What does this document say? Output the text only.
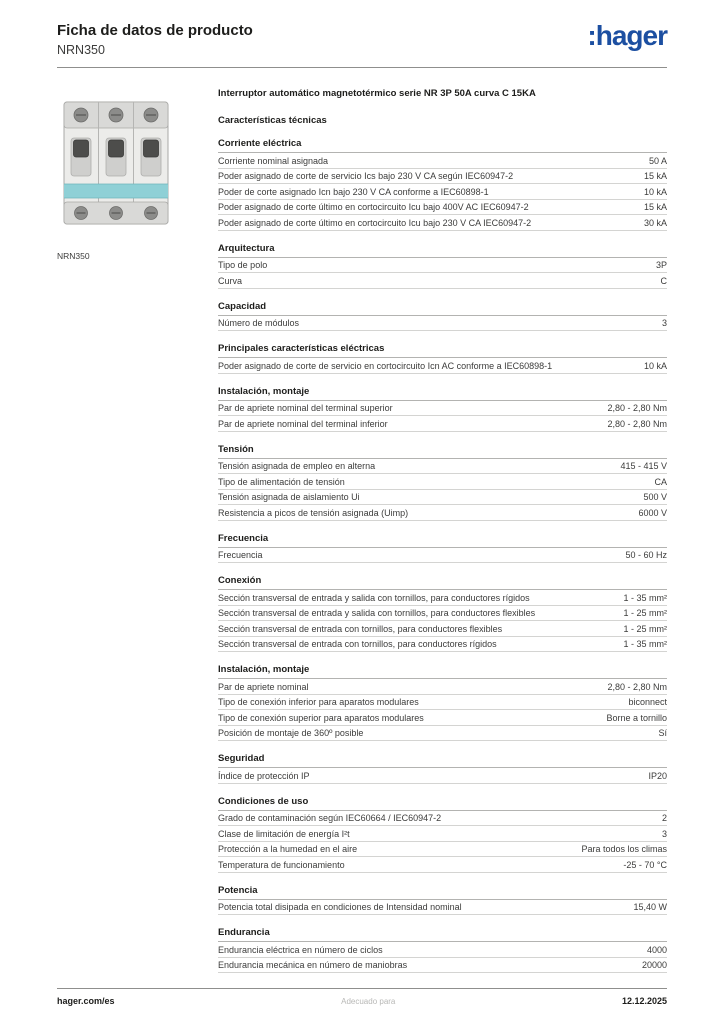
Ficha de datos de producto
NRN350	:hager
NRN350
Interruptor automático magnetotérmico serie NR 3P 50A curva C 15KA
Características técnicas
Corriente eléctrica
Corriente nominal asignada	50 A
Poder asignado de corte de servicio Ics bajo 230 V CA según IEC60947-2	15 kA
Poder de corte asignado Icn bajo 230 V CA conforme a IEC60898-1	10 kA
Poder asignado de corte último en cortocircuito Icu bajo 400V AC IEC60947-2	15 kA
Poder asignado de corte último en cortocircuito Icu bajo 230 V CA IEC60947-2	30 kA
Arquitectura
Tipo de polo	3P
Curva	C
Capacidad
Número de módulos	3
Principales características eléctricas
Poder asignado de corte de servicio en cortocircuito Icn AC conforme a IEC60898-1	10 kA
Instalación, montaje
Par de apriete nominal del terminal superior	2,80 - 2,80 Nm
Par de apriete nominal del terminal inferior	2,80 - 2,80 Nm
Tensión
Tensión asignada de empleo en alterna	415 - 415 V
Tipo de alimentación de tensión	CA
Tensión asignada de aislamiento Ui	500 V
Resistencia a picos de tensión asignada (Uimp)	6000 V
Frecuencia
Frecuencia	50 - 60 Hz
Conexión
Sección transversal de entrada y salida con tornillos, para conductores rígidos	1 - 35 mm²
Sección transversal de entrada y salida con tornillos, para conductores flexibles	1 - 25 mm²
Sección transversal de entrada con tornillos, para conductores flexibles	1 - 25 mm²
Sección transversal de entrada con tornillos, para conductores rígidos	1 - 35 mm²
Instalación, montaje
Par de apriete nominal	2,80 - 2,80 Nm
Tipo de conexión inferior para aparatos modulares	biconnect
Tipo de conexión superior para aparatos modulares	Borne a tornillo
Posición de montaje de 360º posible	Sí
Seguridad
Índice de protección IP	IP20
Condiciones de uso
Grado de contaminación según IEC60664 / IEC60947-2	2
Clase de limitación de energía I²t	3
Protección a la humedad en el aire	Para todos los climas
Temperatura de funcionamiento	-25 - 70 °C
Potencia
Potencia total disipada en condiciones de Intensidad nominal	15,40 W
Endurancia
Endurancia eléctrica en número de ciclos	4000
Endurancia mecánica en número de maniobras	20000
hager.com/es	Adecuado para	12.12.2025
